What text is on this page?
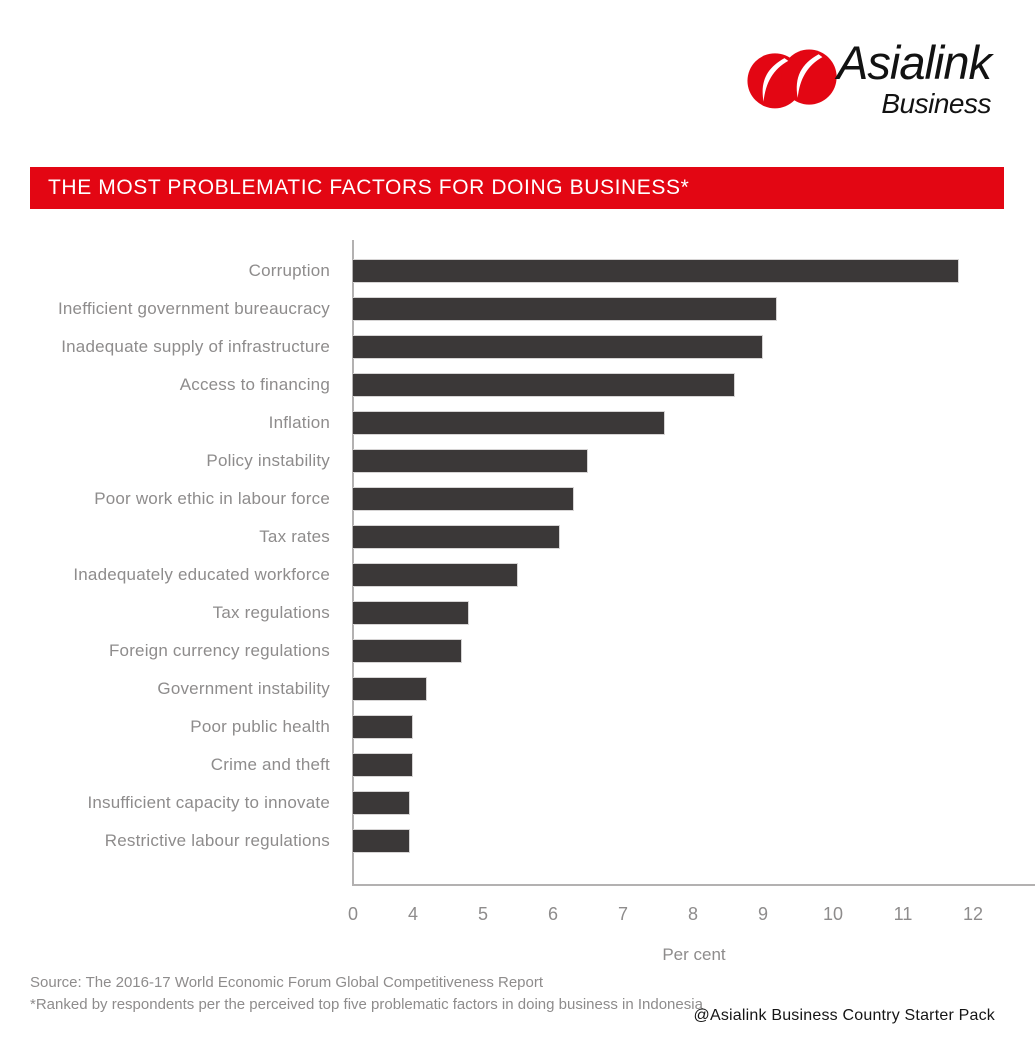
Asialink
Business
THE MOST PROBLEMATIC FACTORS FOR DOING BUSINESS*
Corruption
Inefficient government bureaucracy
Inadequate supply of infrastructure
Access to financing
Inflation
Policy instability
Poor work ethic in labour force
Tax rates
Inadequately educated workforce
Tax regulations
Foreign currency regulations
Government instability
Poor public health
Crime and theft
Insufficient capacity to innovate
Restrictive labour regulations
0	4	5	6	7	8	9	10	11	12
Per cent
Source: The 2016-17 World Economic Forum Global Competitiveness Report
*Ranked by respondents per the perceived top five problematic factors in doing business in Indonesia
@Asialink Business Country Starter Pack
